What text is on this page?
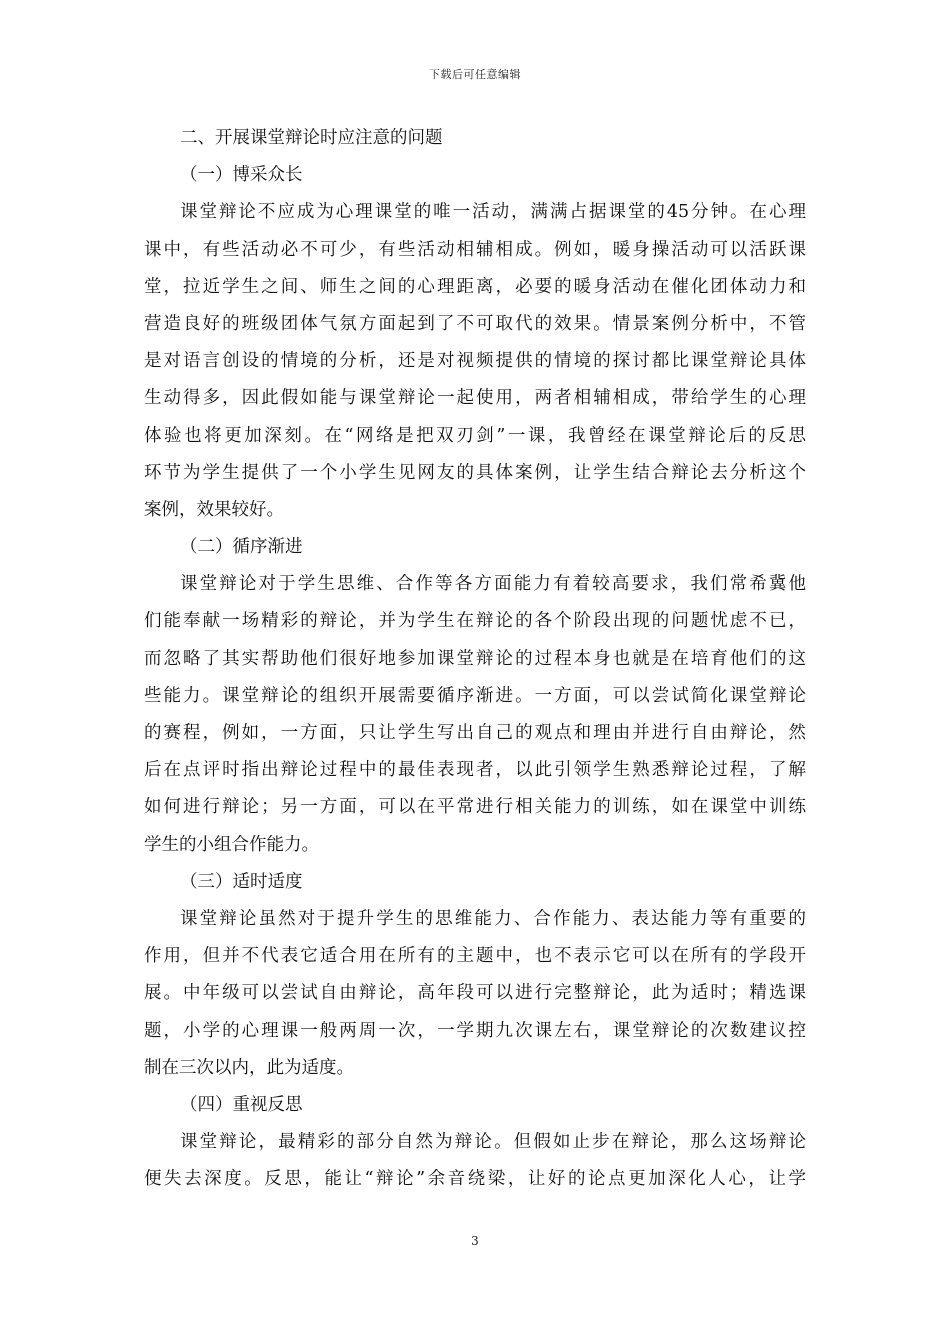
下载后可任意编辑
二、开展课堂辩论时应注意的问题
（一）博采众长
课堂辩论不应成为心理课堂的唯一活动，满满占据课堂的45分钟。在心理
课中，有些活动必不可少，有些活动相辅相成。例如，暖身操活动可以活跃课
堂，拉近学生之间、师生之间的心理距离，必要的暖身活动在催化团体动力和
营造良好的班级团体气氛方面起到了不可取代的效果。情景案例分析中，不管
是对语言创设的情境的分析，还是对视频提供的情境的探讨都比课堂辩论具体
生动得多，因此假如能与课堂辩论一起使用，两者相辅相成，带给学生的心理
体验也将更加深刻。在“网络是把双刃剑”一课，我曾经在课堂辩论后的反思
环节为学生提供了一个小学生见网友的具体案例，让学生结合辩论去分析这个
案例，效果较好。
（二）循序渐进
课堂辩论对于学生思维、合作等各方面能力有着较高要求，我们常希冀他
们能奉献一场精彩的辩论，并为学生在辩论的各个阶段出现的问题忧虑不已，
而忽略了其实帮助他们很好地参加课堂辩论的过程本身也就是在培育他们的这
些能力。课堂辩论的组织开展需要循序渐进。一方面，可以尝试简化课堂辩论
的赛程，例如，一方面，只让学生写出自己的观点和理由并进行自由辩论，然
后在点评时指出辩论过程中的最佳表现者，以此引领学生熟悉辩论过程，了解
如何进行辩论；另一方面，可以在平常进行相关能力的训练，如在课堂中训练
学生的小组合作能力。
（三）适时适度
课堂辩论虽然对于提升学生的思维能力、合作能力、表达能力等有重要的
作用，但并不代表它适合用在所有的主题中，也不表示它可以在所有的学段开
展。中年级可以尝试自由辩论，高年段可以进行完整辩论，此为适时；精选课
题，小学的心理课一般两周一次，一学期九次课左右，课堂辩论的次数建议控
制在三次以内，此为适度。
（四）重视反思
课堂辩论，最精彩的部分自然为辩论。但假如止步在辩论，那么这场辩论
便失去深度。反思，能让“辩论”余音绕梁，让好的论点更加深化人心，让学
3
